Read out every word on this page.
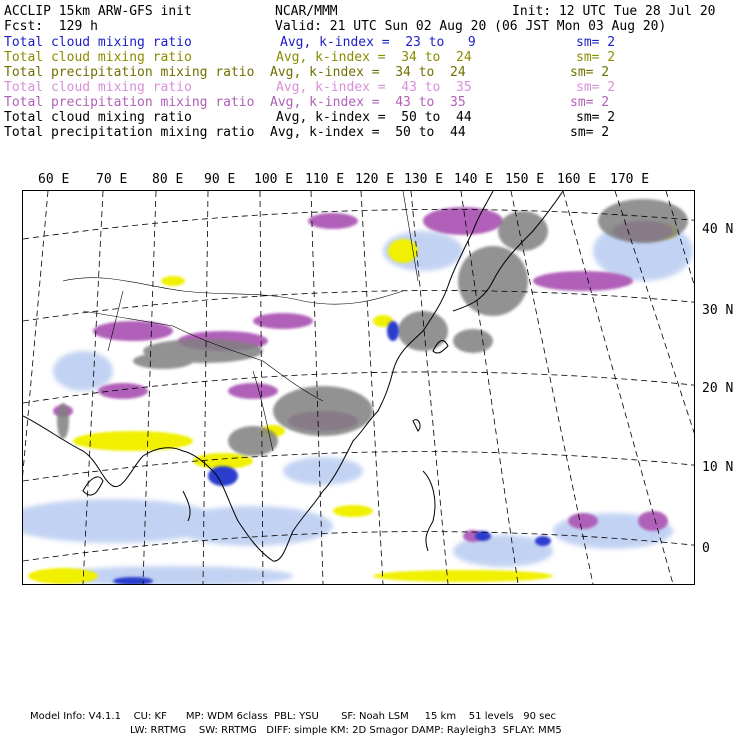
ACCLIP 15km ARW-GFS init	NCAR/MMM	Init: 12 UTC Tue 28 Jul 20
Fcst:  129 h	Valid: 21 UTC Sun 02 Aug 20 (06 JST Mon 03 Aug 20)
Total cloud mixing ratio	Avg, k-index =  23 to   9	sm= 2
Total cloud mixing ratio	Avg, k-index =  34 to  24	sm= 2
Total precipitation mixing ratio Avg, k-index =  34 to  24	sm= 2
Total cloud mixing ratio	Avg, k-index =  43 to  35	sm= 2
Total precipitation mixing ratio Avg, k-index =  43 to  35	sm= 2
Total cloud mixing ratio	Avg, k-index =  50 to  44	sm= 2
Total precipitation mixing ratio Avg, k-index =  50 to  44	sm= 2
60 E 70 E 80 E 90 E 100 E 110 E 120 E 130 E 140 E 150 E 160 E 170 E
40 N
30 N
20 N
10 N
0
Model Info: V4.1.1    CU: KF      MP: WDM 6class  PBL: YSU       SF: Noah LSM     15 km    51 levels   90 sec
LW: RRTMG    SW: RRTMG   DIFF: simple KM: 2D Smagor DAMP: Rayleigh3  SFLAY: MM5
